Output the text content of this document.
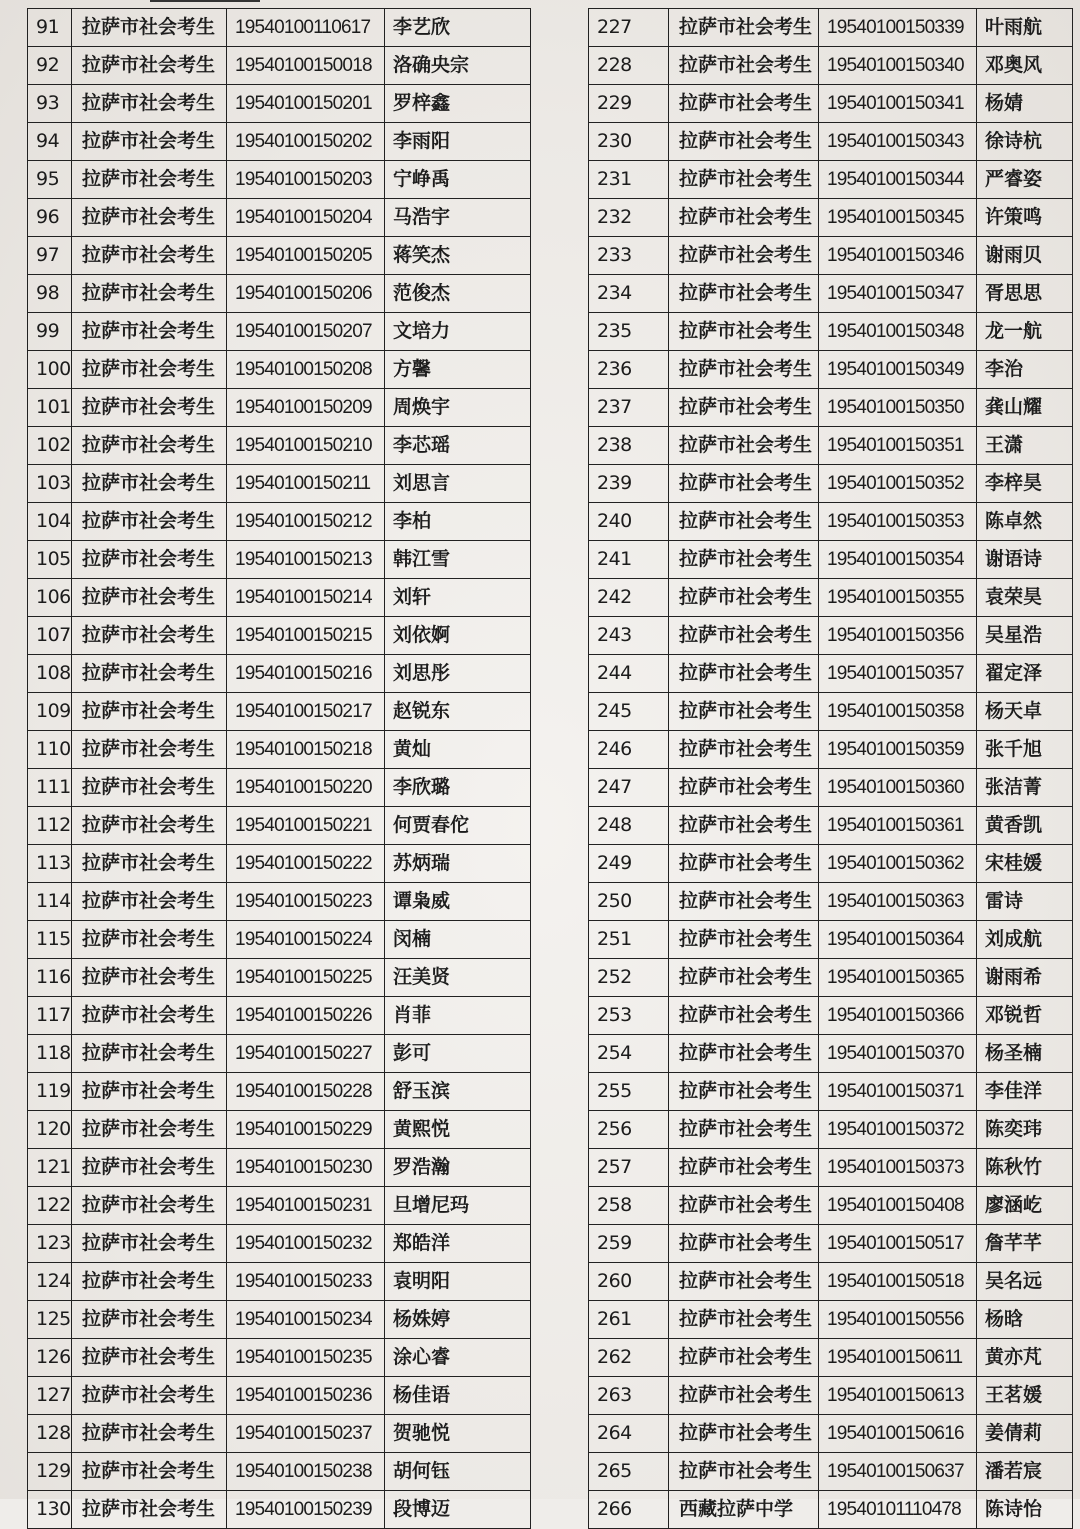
91	拉萨市社会考生	19540100110617	李艺欣
92	拉萨市社会考生	19540100150018	洛确央宗
93	拉萨市社会考生	19540100150201	罗梓鑫
94	拉萨市社会考生	19540100150202	李雨阳
95	拉萨市社会考生	19540100150203	宁峥禹
96	拉萨市社会考生	19540100150204	马浩宇
97	拉萨市社会考生	19540100150205	蒋笑杰
98	拉萨市社会考生	19540100150206	范俊杰
99	拉萨市社会考生	19540100150207	文培力
100	拉萨市社会考生	19540100150208	方馨
101	拉萨市社会考生	19540100150209	周焕宇
102	拉萨市社会考生	19540100150210	李芯瑶
103	拉萨市社会考生	19540100150211	刘思言
104	拉萨市社会考生	19540100150212	李柏
105	拉萨市社会考生	19540100150213	韩江雪
106	拉萨市社会考生	19540100150214	刘轩
107	拉萨市社会考生	19540100150215	刘依婀
108	拉萨市社会考生	19540100150216	刘思彤
109	拉萨市社会考生	19540100150217	赵锐东
110	拉萨市社会考生	19540100150218	黄灿
111	拉萨市社会考生	19540100150220	李欣璐
112	拉萨市社会考生	19540100150221	何贾春佗
113	拉萨市社会考生	19540100150222	苏炳瑞
114	拉萨市社会考生	19540100150223	谭枭威
115	拉萨市社会考生	19540100150224	闵楠
116	拉萨市社会考生	19540100150225	汪美贤
117	拉萨市社会考生	19540100150226	肖菲
118	拉萨市社会考生	19540100150227	彭可
119	拉萨市社会考生	19540100150228	舒玉滨
120	拉萨市社会考生	19540100150229	黄熙悦
121	拉萨市社会考生	19540100150230	罗浩瀚
122	拉萨市社会考生	19540100150231	旦增尼玛
123	拉萨市社会考生	19540100150232	郑皓洋
124	拉萨市社会考生	19540100150233	袁明阳
125	拉萨市社会考生	19540100150234	杨姝婷
126	拉萨市社会考生	19540100150235	涂心睿
127	拉萨市社会考生	19540100150236	杨佳语
128	拉萨市社会考生	19540100150237	贺驰悦
129	拉萨市社会考生	19540100150238	胡何钰
130	拉萨市社会考生	19540100150239	段博迈
227	拉萨市社会考生	19540100150339	叶雨航
228	拉萨市社会考生	19540100150340	邓奥风
229	拉萨市社会考生	19540100150341	杨婧
230	拉萨市社会考生	19540100150343	徐诗杭
231	拉萨市社会考生	19540100150344	严睿姿
232	拉萨市社会考生	19540100150345	许策鸣
233	拉萨市社会考生	19540100150346	谢雨贝
234	拉萨市社会考生	19540100150347	胥思思
235	拉萨市社会考生	19540100150348	龙一航
236	拉萨市社会考生	19540100150349	李治
237	拉萨市社会考生	19540100150350	龚山耀
238	拉萨市社会考生	19540100150351	王潇
239	拉萨市社会考生	19540100150352	李梓昊
240	拉萨市社会考生	19540100150353	陈卓然
241	拉萨市社会考生	19540100150354	谢语诗
242	拉萨市社会考生	19540100150355	袁荣昊
243	拉萨市社会考生	19540100150356	吴星浩
244	拉萨市社会考生	19540100150357	翟定泽
245	拉萨市社会考生	19540100150358	杨天卓
246	拉萨市社会考生	19540100150359	张千旭
247	拉萨市社会考生	19540100150360	张洁菁
248	拉萨市社会考生	19540100150361	黄香凯
249	拉萨市社会考生	19540100150362	宋桂媛
250	拉萨市社会考生	19540100150363	雷诗
251	拉萨市社会考生	19540100150364	刘成航
252	拉萨市社会考生	19540100150365	谢雨希
253	拉萨市社会考生	19540100150366	邓锐哲
254	拉萨市社会考生	19540100150370	杨圣楠
255	拉萨市社会考生	19540100150371	李佳洋
256	拉萨市社会考生	19540100150372	陈奕玮
257	拉萨市社会考生	19540100150373	陈秋竹
258	拉萨市社会考生	19540100150408	廖涵屹
259	拉萨市社会考生	19540100150517	詹芊芊
260	拉萨市社会考生	19540100150518	吴名远
261	拉萨市社会考生	19540100150556	杨晗
262	拉萨市社会考生	19540100150611	黄亦芃
263	拉萨市社会考生	19540100150613	王茗媛
264	拉萨市社会考生	19540100150616	姜倩莉
265	拉萨市社会考生	19540100150637	潘若宸
266	西藏拉萨中学	19540101110478	陈诗怡
